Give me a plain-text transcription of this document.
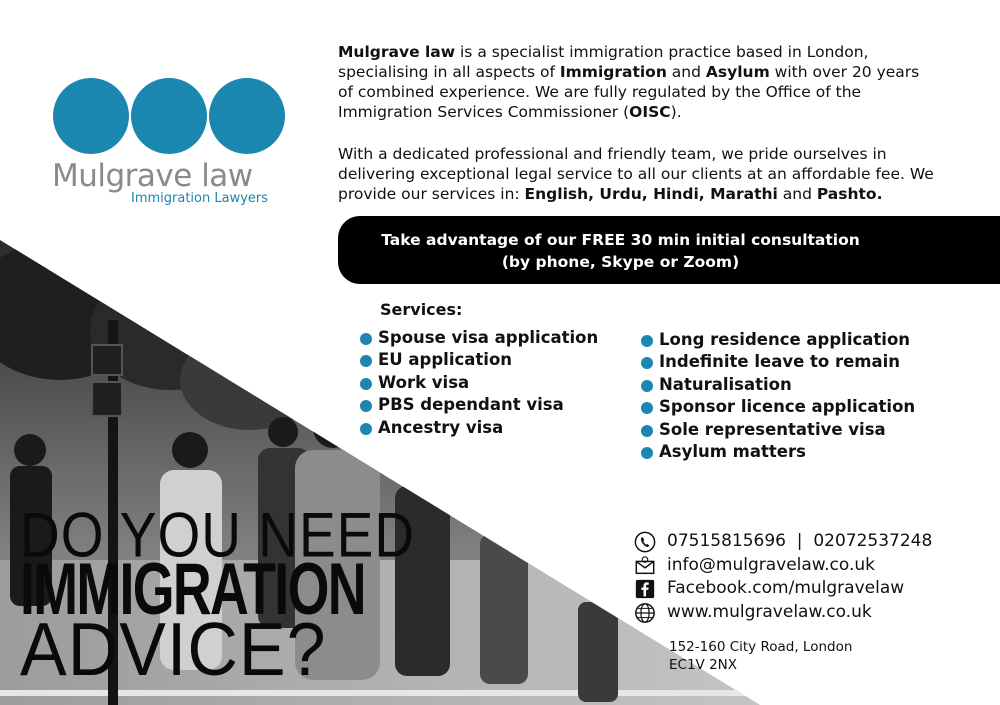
Mulgrave law
Immigration Lawyers

Mulgrave law is a specialist immigration practice based in London, specialising in all aspects of Immigration and Asylum with over 20 years of combined experience. We are fully regulated by the Office of the Immigration Services Commissioner (OISC).

With a dedicated professional and friendly team, we pride ourselves in delivering exceptional legal service to all our clients at an affordable fee. We provide our services in: English, Urdu, Hindi, Marathi and Pashto.

Take advantage of our FREE 30 min initial consultation
(by phone, Skype or Zoom)
Services:
Spouse visa application
EU application
Work visa
PBS dependant visa
Ancestry visa
Long residence application
Indefinite leave to remain
Naturalisation
Sponsor licence application
Sole representative visa
Asylum matters
DO YOU NEED
IMMIGRATION
ADVICE?
07515815696  |  02072537248
info@mulgravelaw.co.uk
Facebook.com/mulgravelaw
www.mulgravelaw.co.uk
152-160 City Road, London
EC1V 2NX
